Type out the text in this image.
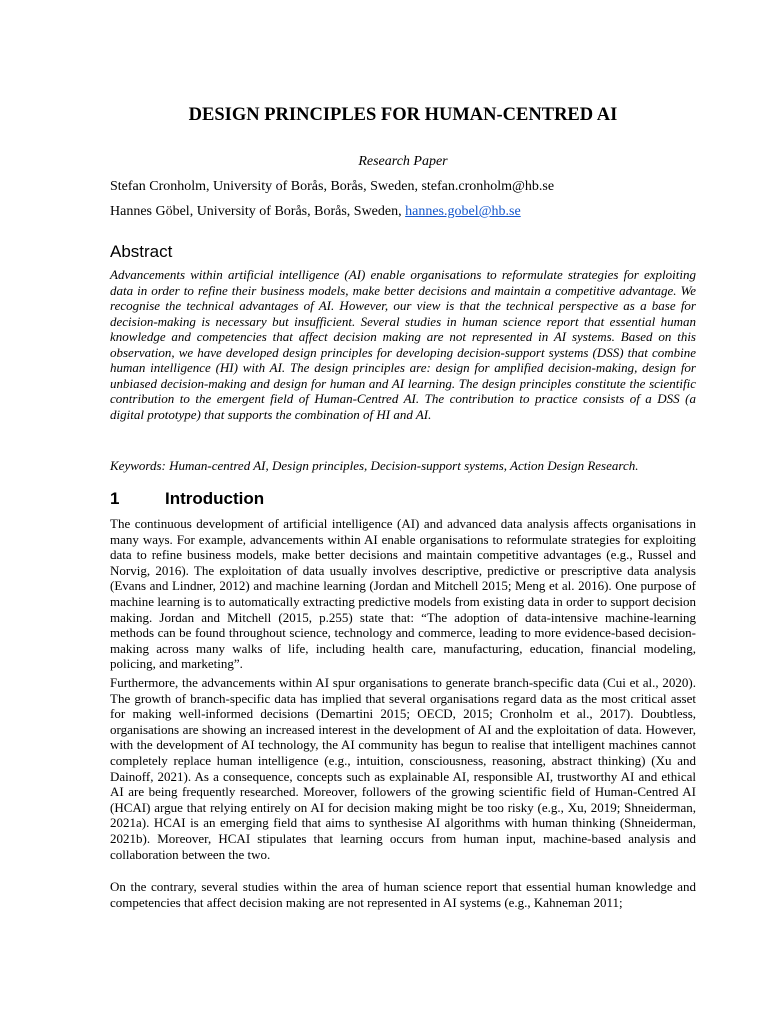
DESIGN PRINCIPLES FOR HUMAN-CENTRED AI
Research Paper
Stefan Cronholm, University of Borås, Borås, Sweden, stefan.cronholm@hb.se
Hannes Göbel, University of Borås, Borås, Sweden, hannes.gobel@hb.se
Abstract
Advancements within artificial intelligence (AI) enable organisations to reformulate strategies for exploiting data in order to refine their business models, make better decisions and maintain a competitive advantage. We recognise the technical advantages of AI. However, our view is that the technical perspective as a base for decision-making is necessary but insufficient. Several studies in human science report that essential human knowledge and competencies that affect decision making are not represented in AI systems. Based on this observation, we have developed design principles for developing decision-support systems (DSS) that combine human intelligence (HI) with AI. The design principles are: design for amplified decision-making, design for unbiased decision-making and design for human and AI learning. The design principles constitute the scientific contribution to the emergent field of Human-Centred AI. The contribution to practice consists of a DSS (a digital prototype) that supports the combination of HI and AI.
Keywords: Human-centred AI, Design principles, Decision-support systems, Action Design Research.
1	Introduction
The continuous development of artificial intelligence (AI) and advanced data analysis affects organisations in many ways. For example, advancements within AI enable organisations to reformulate strategies for exploiting data to refine business models, make better decisions and maintain competitive advantages (e.g., Russel and Norvig, 2016). The exploitation of data usually involves descriptive, predictive or prescriptive data analysis (Evans and Lindner, 2012) and machine learning (Jordan and Mitchell 2015; Meng et al. 2016). One purpose of machine learning is to automatically extracting predictive models from existing data in order to support decision making. Jordan and Mitchell (2015, p.255) state that: “The adoption of data-intensive machine-learning methods can be found throughout science, technology and commerce, leading to more evidence-based decision-making across many walks of life, including health care, manufacturing, education, financial modeling, policing, and marketing”.
Furthermore, the advancements within AI spur organisations to generate branch-specific data (Cui et al., 2020). The growth of branch-specific data has implied that several organisations regard data as the most critical asset for making well-informed decisions (Demartini 2015; OECD, 2015; Cronholm et al., 2017). Doubtless, organisations are showing an increased interest in the development of AI and the exploitation of data. However, with the development of AI technology, the AI community has begun to realise that intelligent machines cannot completely replace human intelligence (e.g., intuition, consciousness, reasoning, abstract thinking) (Xu and Dainoff, 2021). As a consequence, concepts such as explainable AI, responsible AI, trustworthy AI and ethical AI are being frequently researched. Moreover, followers of the growing scientific field of Human-Centred AI (HCAI) argue that relying entirely on AI for decision making might be too risky (e.g., Xu, 2019; Shneiderman, 2021a). HCAI is an emerging field that aims to synthesise AI algorithms with human thinking (Shneiderman, 2021b). Moreover, HCAI stipulates that learning occurs from human input, machine-based analysis and collaboration between the two.
On the contrary, several studies within the area of human science report that essential human knowledge and competencies that affect decision making are not represented in AI systems (e.g., Kahneman 2011;
